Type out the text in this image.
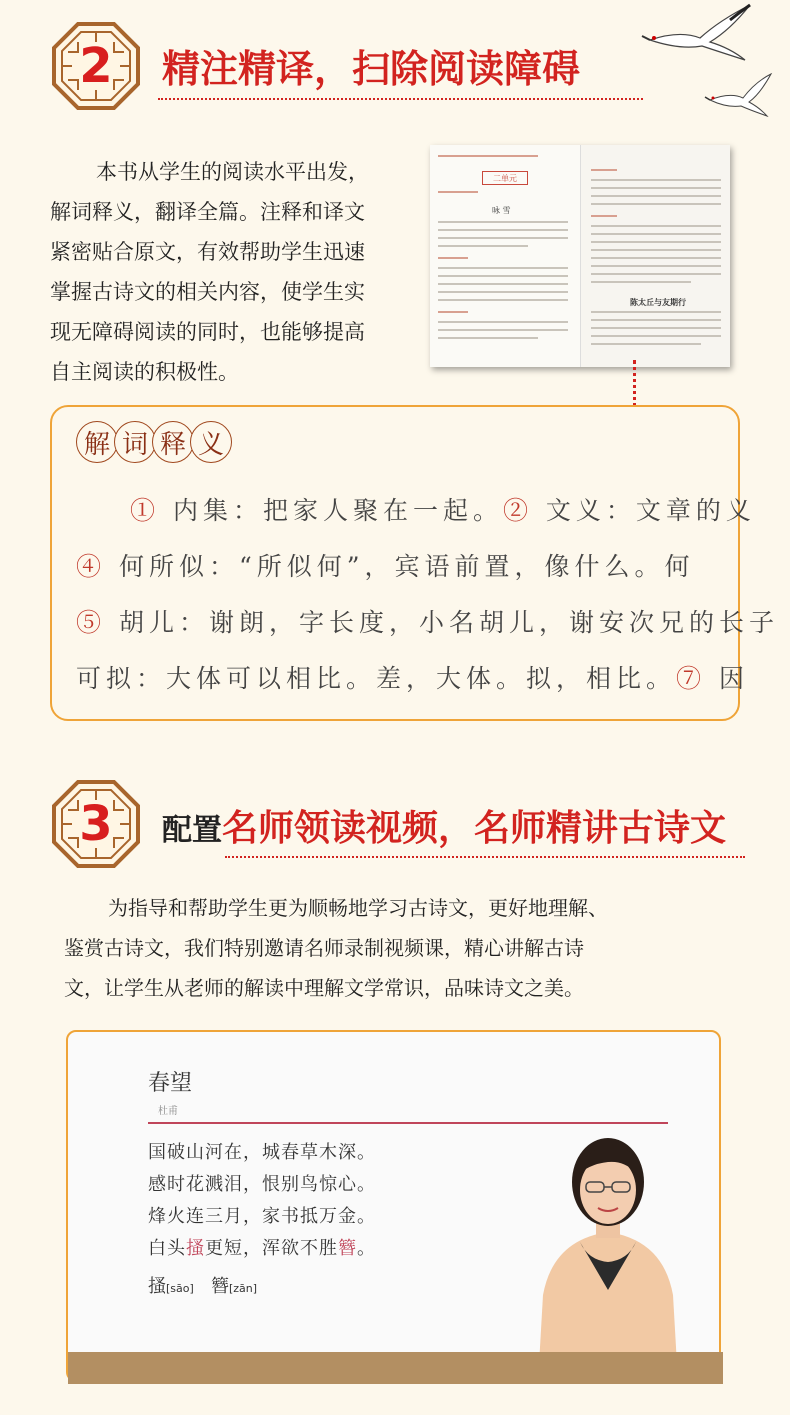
2	精注精译，扫除阅读障碍
本书从学生的阅读水平出发，
解词释义，翻译全篇。注释和译文
紧密贴合原文，有效帮助学生迅速
掌握古诗文的相关内容，使学生实
现无障碍阅读的同时，也能够提高
自主阅读的积极性。
二单元
咏 雪
陈太丘与友期行
解 词 释 义
① 内集：把家人聚在一起。② 文义：文章的义
④ 何所似：“所似何”，宾语前置，像什么。何
⑤ 胡儿：谢朗，字长度，小名胡儿，谢安次兄的长子
可拟：大体可以相比。差，大体。拟，相比。⑦ 因
3	配置名师领读视频，名师精讲古诗文
为指导和帮助学生更为顺畅地学习古诗文，更好地理解、
鉴赏古诗文，我们特别邀请名师录制视频课，精心讲解古诗
文，让学生从老师的解读中理解文学常识，品味诗文之美。
春望
杜甫
国破山河在，城春草木深。
感时花溅泪，恨别鸟惊心。
烽火连三月，家书抵万金。
白头搔更短，浑欲不胜簪。
搔[sāo] 簪[zān]
